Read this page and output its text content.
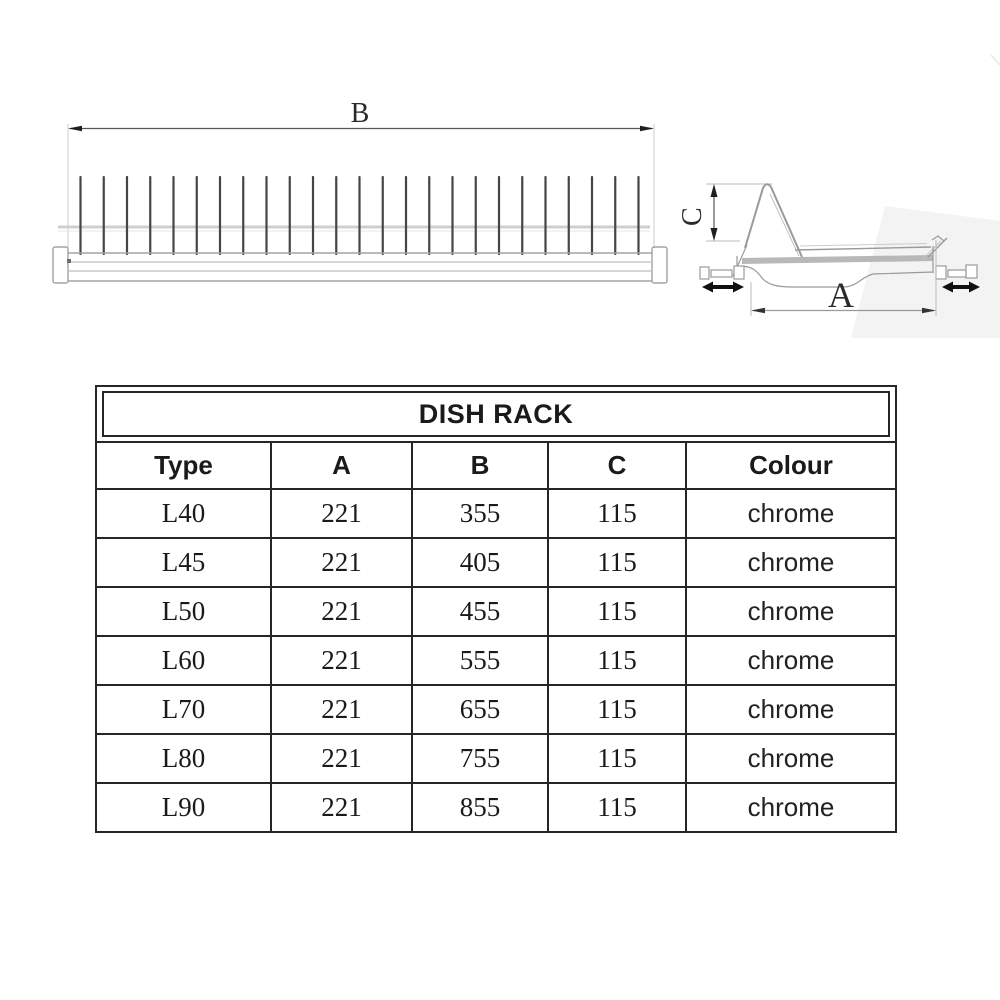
B
C
A
DISH RACK
Type	A	B	C	Colour
L40	221	355	115	chrome
L45	221	405	115	chrome
L50	221	455	115	chrome
L60	221	555	115	chrome
L70	221	655	115	chrome
L80	221	755	115	chrome
L90	221	855	115	chrome
